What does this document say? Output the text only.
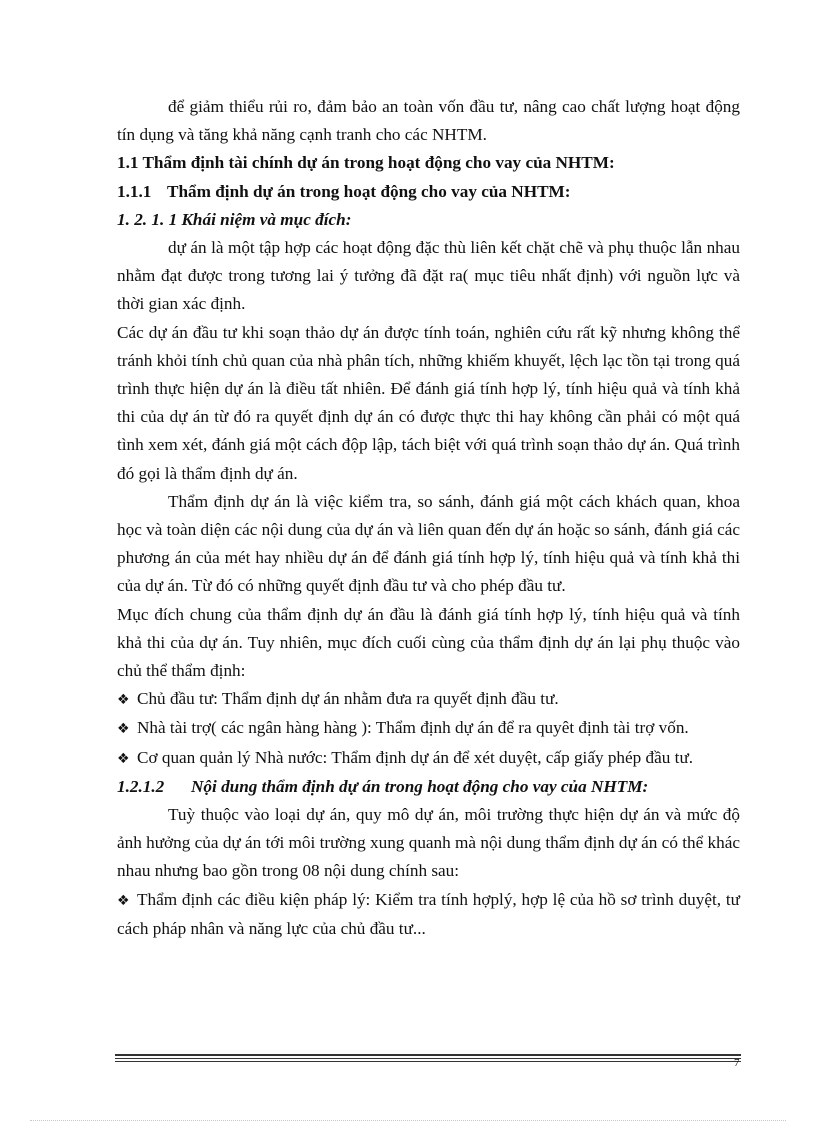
để giảm thiểu rủi ro, đảm bảo an toàn vốn đầu tư, nâng cao chất lượng hoạt động tín dụng và tăng khả năng cạnh tranh cho các NHTM.

1.1 Thẩm định tài chính dự án trong hoạt động cho vay của NHTM:
1.1.1 Thẩm định dự án trong hoạt động cho vay của NHTM:
1. 2. 1. 1 Khái niệm và mục đích:

dự án là một tập hợp các hoạt động đặc thù liên kết chặt chẽ và phụ thuộc lẫn nhau nhằm đạt được trong tương lai ý tưởng đã đặt ra( mục tiêu nhất định) với nguồn lực và thời gian xác định.

Các dự án đầu tư khi soạn thảo dự án được tính toán, nghiên cứu rất kỹ nhưng không thể tránh khỏi tính chủ quan của nhà phân tích, những khiếm khuyết, lệch lạc tồn tại trong quá trình thực hiện dự án là điều tất nhiên. Để đánh giá tính hợp lý, tính hiệu quả và tính khả thi của dự án từ đó ra quyết định dự án có được thực thi hay không cần phải có một quá tình xem xét, đánh giá một cách độp lập, tách biệt với quá trình soạn thảo dự án. Quá trình đó gọi là thẩm định dự án.

Thẩm định dự án là việc kiểm tra, so sánh, đánh giá một cách khách quan, khoa học và toàn diện các nội dung của dự án và liên quan đến dự án hoặc so sánh, đánh giá các phương án của mét hay nhiều dự án để đánh giá tính hợp lý, tính hiệu quả và tính khả thi của dự án. Từ đó có những quyết định đầu tư và cho phép đầu tư.

Mục đích chung của thẩm định dự án đầu là đánh giá tính hợp lý, tính hiệu quả và tính khả thi của dự án. Tuy nhiên, mục đích cuối cùng của thẩm định dự án lại phụ thuộc vào chủ thể thẩm định:

❖ Chủ đầu tư: Thẩm định dự án nhằm đưa ra quyết định đầu tư.

❖ Nhà tài trợ( các ngân hàng hàng ): Thẩm định dự án để ra quyêt định tài trợ vốn.

❖ Cơ quan quản lý Nhà nước: Thẩm định dự án để xét duyệt, cấp giấy phép đầu tư.

1.2.1.2 Nội dung thẩm định dự án trong hoạt động cho vay của NHTM:

Tuỳ thuộc vào loại dự án, quy mô dự án, môi trường thực hiện dự án và mức độ ảnh hưởng của dự án tới môi trường xung quanh mà nội dung thẩm định dự án có thể khác nhau nhưng bao gồn trong 08 nội dung chính sau:

❖ Thẩm định các điều kiện pháp lý: Kiểm tra tính hợplý, hợp lệ của hồ sơ trình duyệt, tư cách pháp nhân và năng lực của chủ đầu tư...

7
